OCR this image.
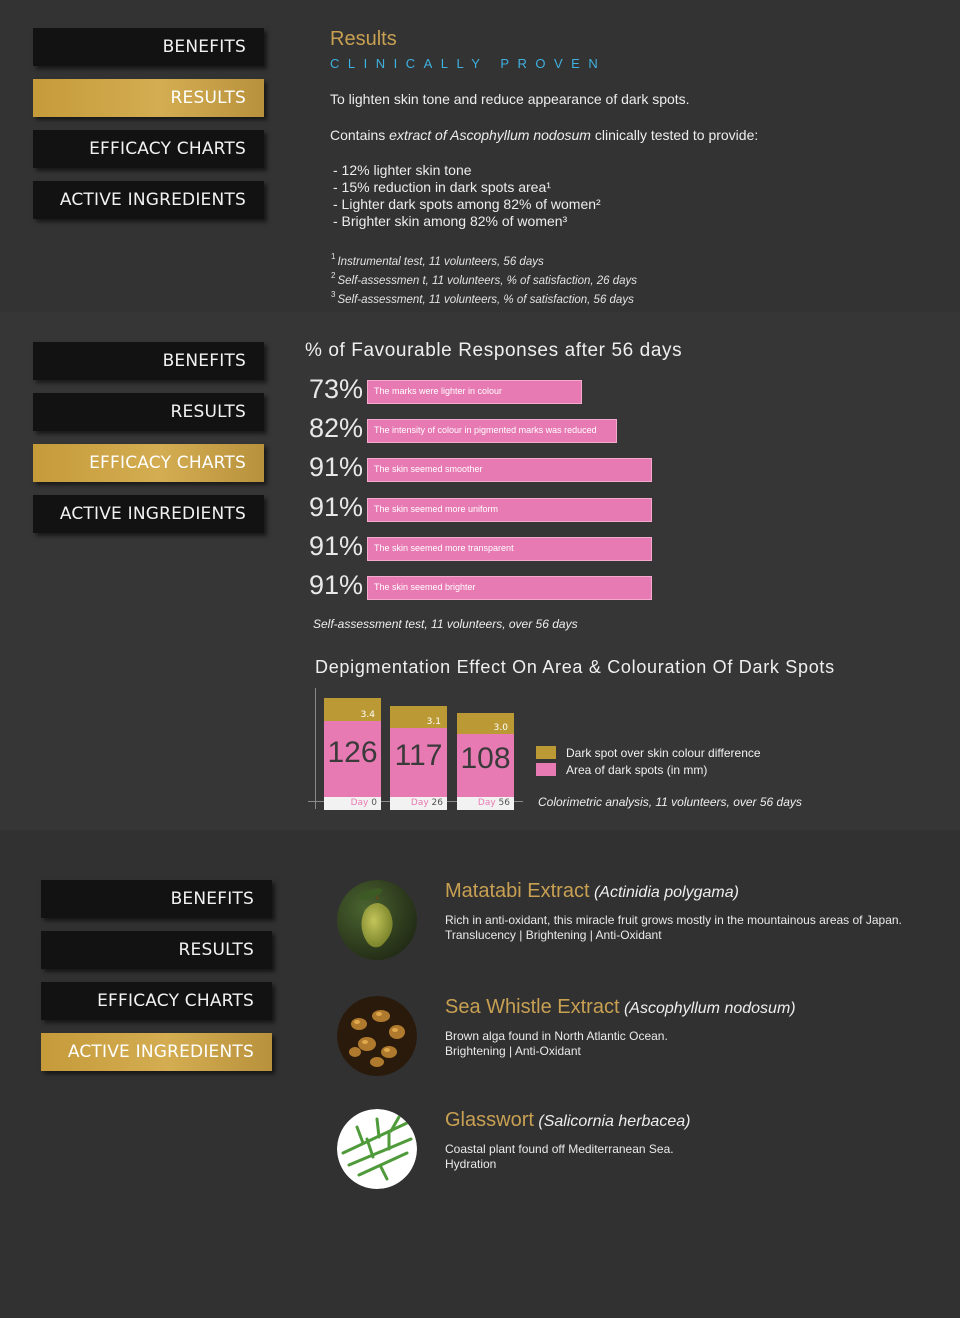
BENEFITS
RESULTS
EFFICACY CHARTS
ACTIVE INGREDIENTS
Results
CLINICALLY PROVEN
To lighten skin tone and reduce appearance of dark spots.
Contains extract of Ascophyllum nodosum clinically tested to provide:
- 12% lighter skin tone
- 15% reduction in dark spots area¹
- Lighter dark spots among 82% of women²
- Brighter skin among 82% of women³
$^1$ Instrumental test, 11 volunteers, 56 days
$^2$ Self-assessmen t, 11 volunteers, % of satisfaction, 26 days
$^3$ Self-assessment, 11 volunteers, % of satisfaction, 56 days
BENEFITS
RESULTS
EFFICACY CHARTS
ACTIVE INGREDIENTS
% of Favourable Responses after 56 days
73%	The marks were lighter in colour
82%	The intensity of colour in pigmented marks was reduced
91%	The skin seemed smoother
91%	The skin seemed more uniform
91%	The skin seemed more transparent
91%	The skin seemed brighter
Self-assessment test, 11 volunteers, over 56 days
Depigmentation Effect On Area & Colouration Of Dark Spots
3.4
126
Day 0
3.1
117
Day 26
3.0
108
Day 56
Dark spot over skin colour difference
Area of dark spots (in mm)
Colorimetric analysis, 11 volunteers, over 56 days
BENEFITS
RESULTS
EFFICACY CHARTS
ACTIVE INGREDIENTS
Matatabi Extract (Actinidia polygama)
Rich in anti-oxidant, this miracle fruit grows mostly in the mountainous areas of Japan.
Translucency | Brightening | Anti-Oxidant
Sea Whistle Extract (Ascophyllum nodosum)
Brown alga found in North Atlantic Ocean.
Brightening | Anti-Oxidant
Glasswort (Salicornia herbacea)
Coastal plant found off Mediterranean Sea.
Hydration
